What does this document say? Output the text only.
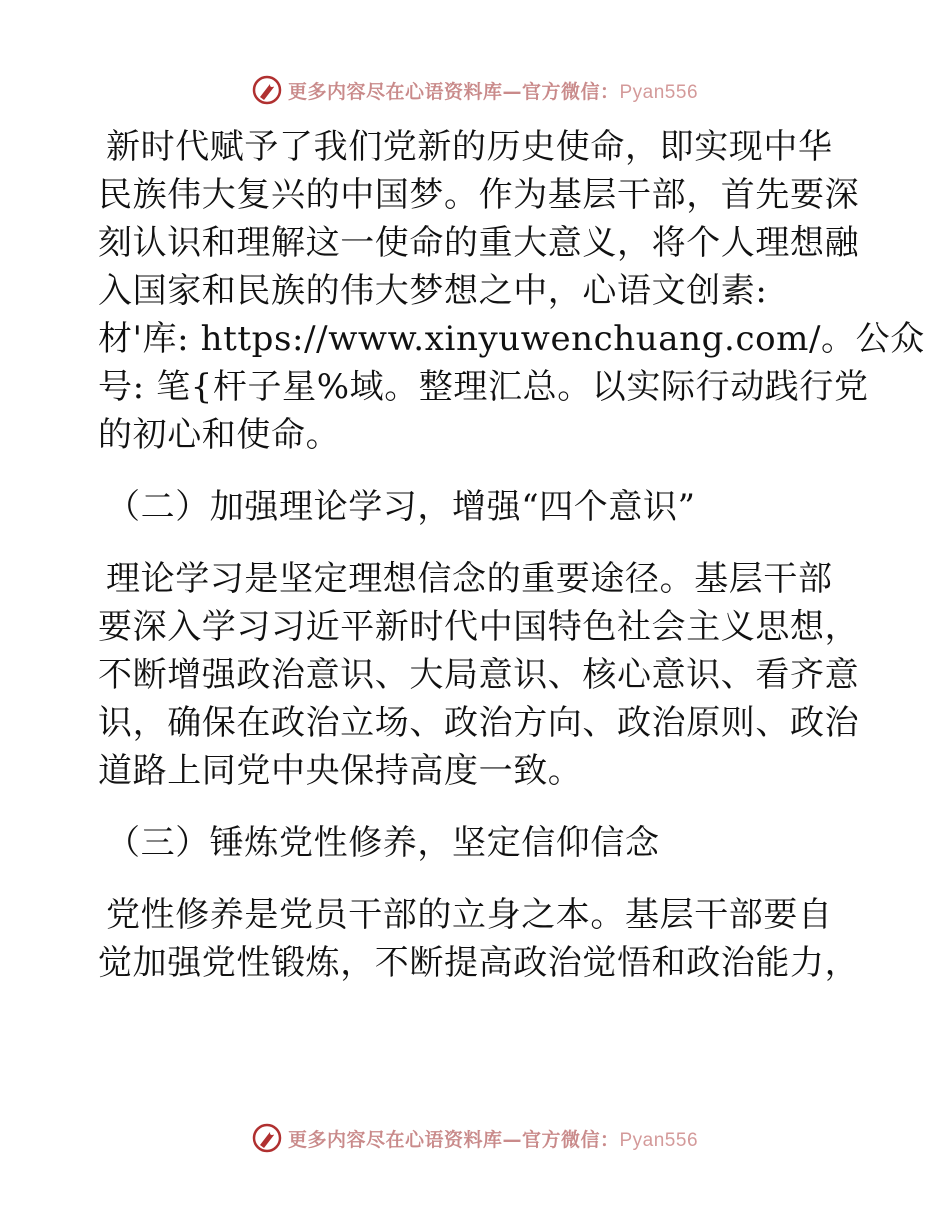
更多内容尽在心语资料库—官方微信：Pyan556
新时代赋予了我们党新的历史使命，即实现中华
民族伟大复兴的中国梦。作为基层干部，首先要深
刻认识和理解这一使命的重大意义，将个人理想融
入国家和民族的伟大梦想之中，心语文创素:
材'库: https://www.xinyuwenchuang.com/。公众
号: 笔{杆子星%域。整理汇总。以实际行动践行党
的初心和使命。
（二）加强理论学习，增强“四个意识”
理论学习是坚定理想信念的重要途径。基层干部
要深入学习习近平新时代中国特色社会主义思想，
不断增强政治意识、大局意识、核心意识、看齐意
识，确保在政治立场、政治方向、政治原则、政治
道路上同党中央保持高度一致。
（三）锤炼党性修养，坚定信仰信念
党性修养是党员干部的立身之本。基层干部要自
觉加强党性锻炼，不断提高政治觉悟和政治能力，
更多内容尽在心语资料库—官方微信：Pyan556
